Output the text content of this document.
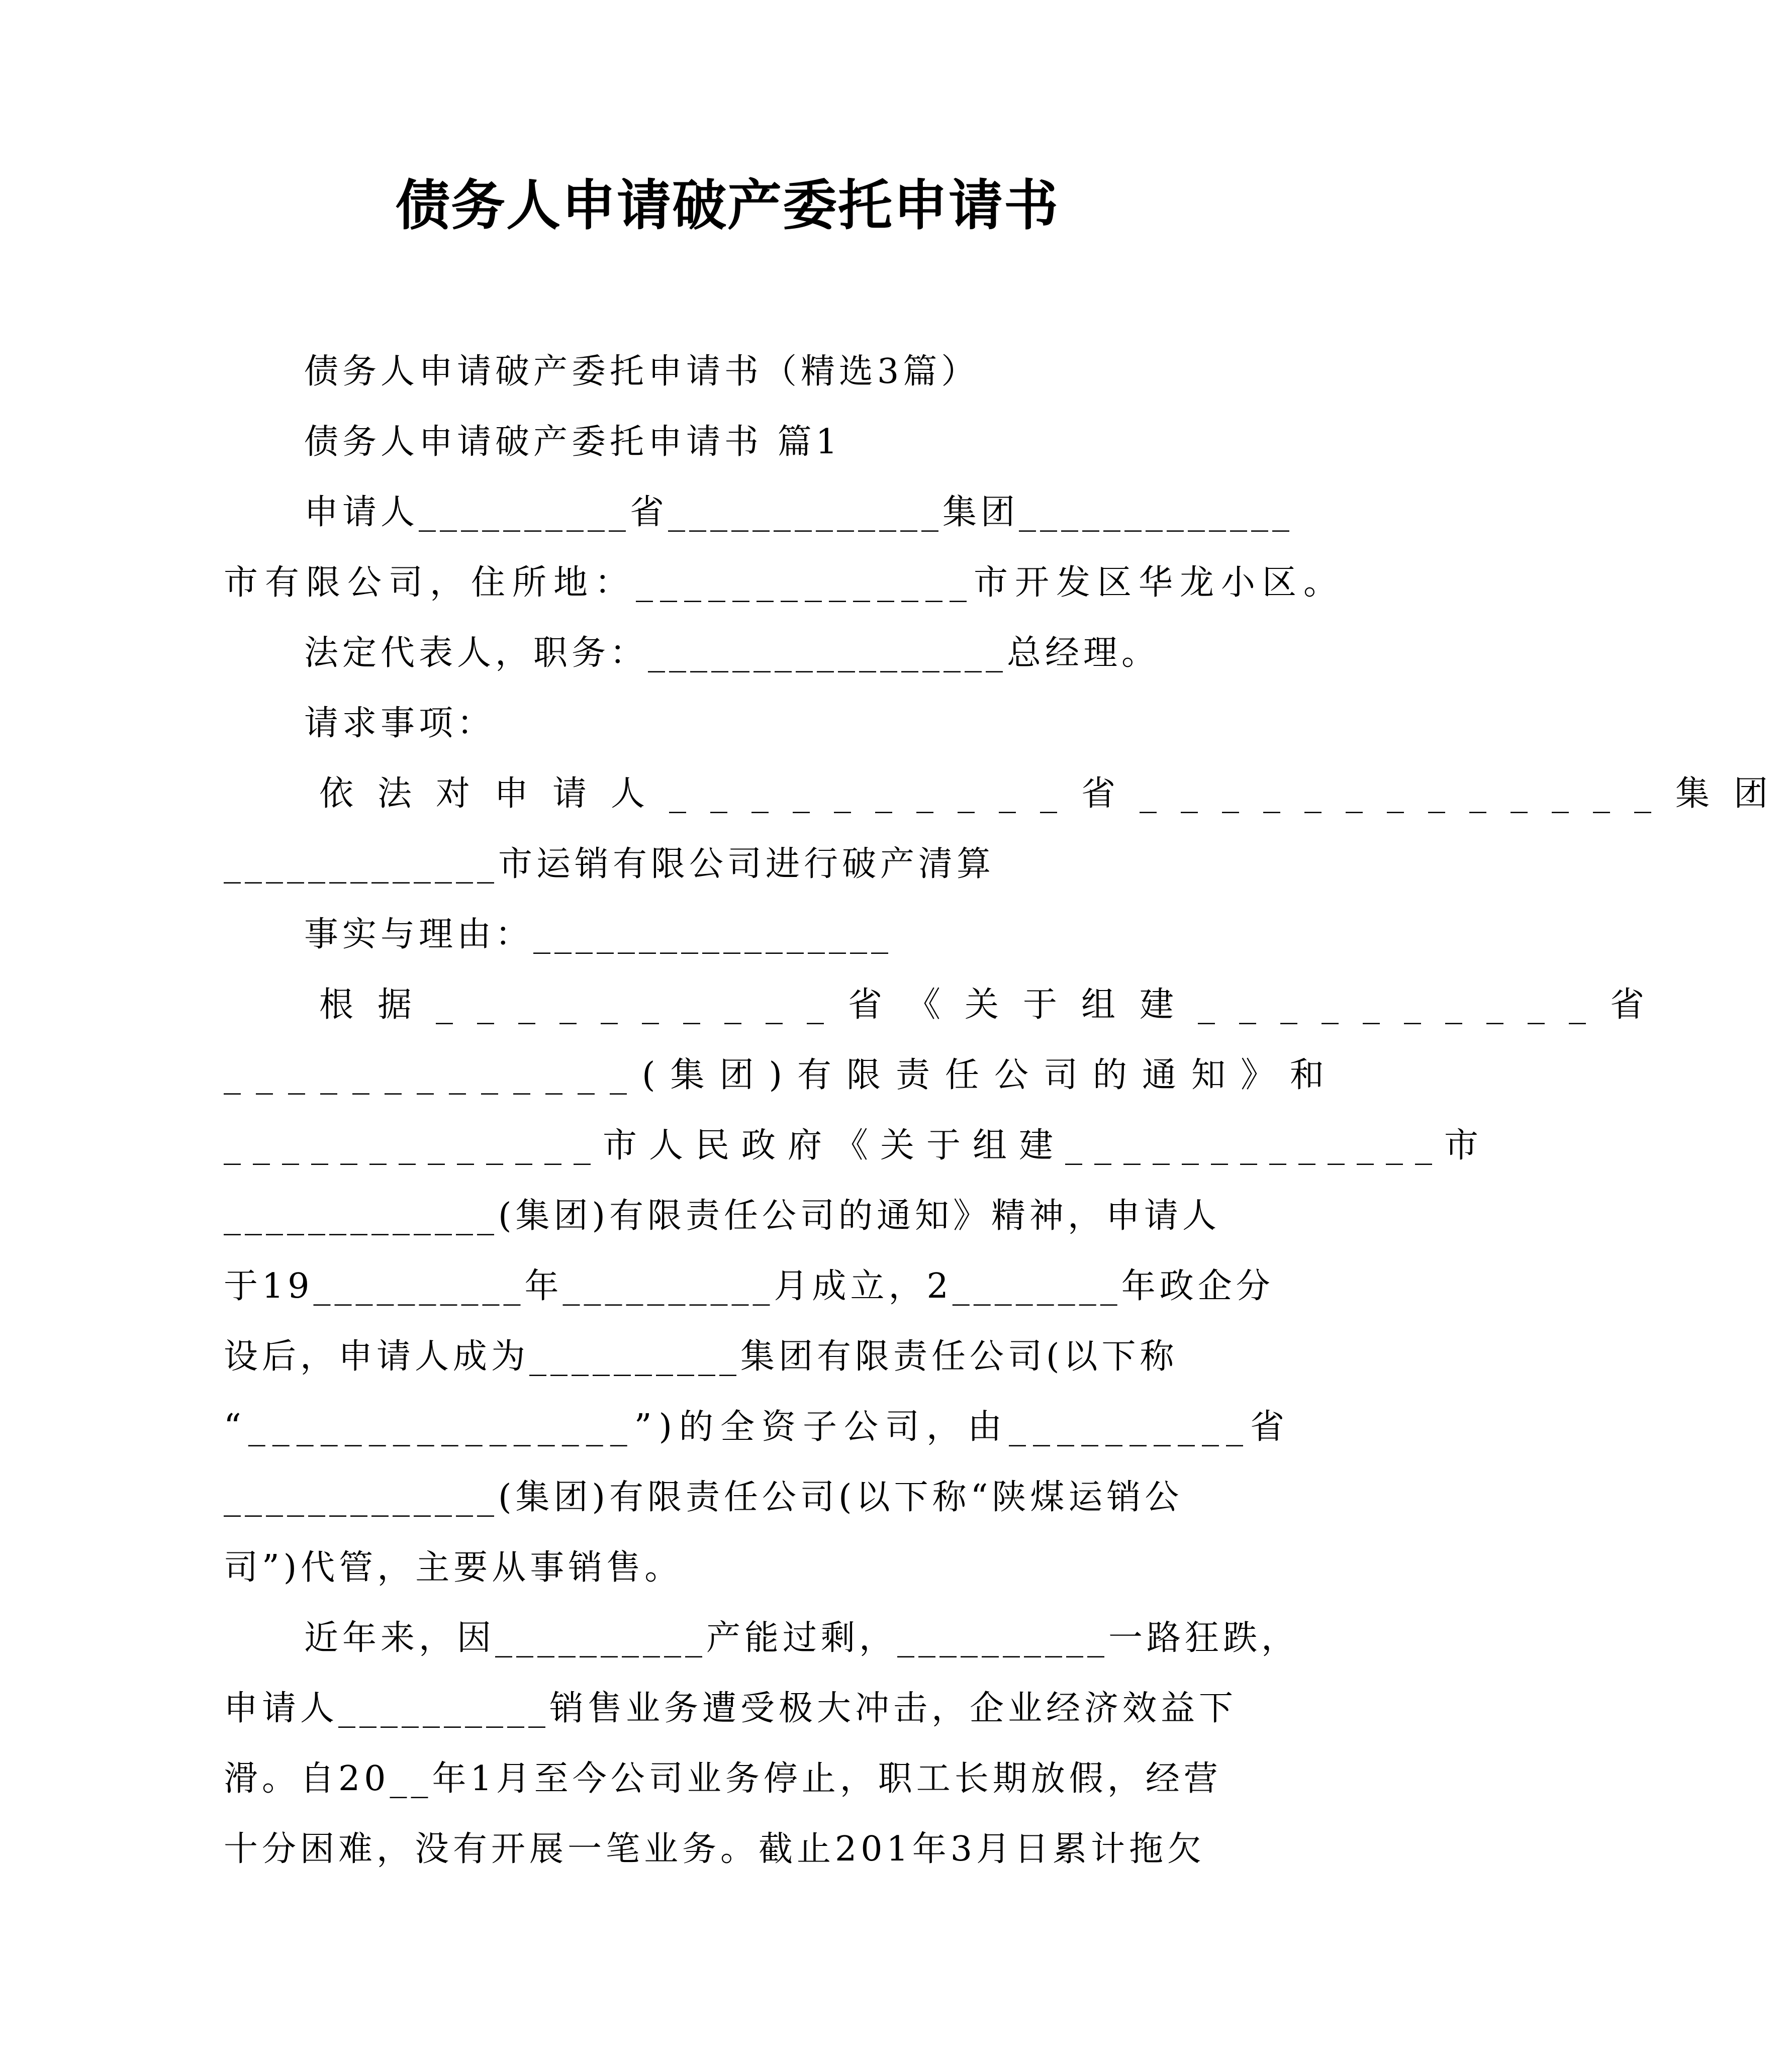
债务人申请破产委托申请书
债务人申请破产委托申请书（精选3篇）
债务人申请破产委托申请书 篇1
申请人__________省_____________集团_____________
市有限公司，住所地：______________市开发区华龙小区。
法定代表人，职务：_________________总经理。
请求事项：
依法对申请人__________省_____________集团
_____________市运销有限公司进行破产清算
事实与理由：_________________
根据__________省《关于组建__________省
_____________(集团)有限责任公司的通知》和
_____________市人民政府《关于组建_____________市
_____________(集团)有限责任公司的通知》精神，申请人
于19__________年__________月成立，2________年政企分
设后，申请人成为__________集团有限责任公司(以下称
“________________”)的全资子公司，由__________省
_____________(集团)有限责任公司(以下称“陕煤运销公
司”)代管，主要从事销售。
近年来，因__________产能过剩，__________一路狂跌，
申请人__________销售业务遭受极大冲击，企业经济效益下
滑。自20__年1月至今公司业务停止，职工长期放假，经营
十分困难，没有开展一笔业务。截止201年3月日累计拖欠
